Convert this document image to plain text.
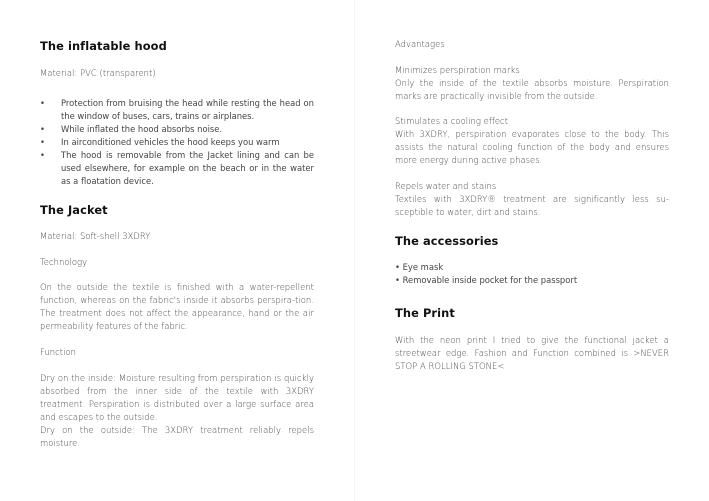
The inflatable hood

Material: PVC (transparent)

• Protection from bruising the head while resting the head on the window of buses, cars, trains or airplanes.
• While inflated the hood absorbs noise.
• In airconditioned vehicles the hood keeps you warm
• The hood is removable from the Jacket lining and can be used elsewhere, for example on the beach or in the water as a floatation device.
The Jacket

Material: Soft-shell 3XDRY

Technology

On the outside the textile is finished with a water-repellent function, whereas on the fabric's inside it absorbs perspira-tion. The treatment does not affect the appearance, hand or the air permeability features of the fabric.

Function

Dry on the inside: Moisture resulting from perspiration is quickly absorbed from the inner side of the textile with 3XDRY treatment. Perspiration is distributed over a large surface area and escapes to the outside.

Dry on the outside: The 3XDRY treatment reliably repels moisture.

Advantages

Minimizes perspiration marks

Only the inside of the textile absorbs moisture. Perspiration marks are practically invisible from the outside.

Stimulates a cooling effect

With 3XDRY, perspiration evaporates close to the body. This assists the natural cooling function of the body and ensures more energy during active phases.

Repels water and stains

Textiles with 3XDRY® treatment are significantly less su-sceptible to water, dirt and stains.

The accessories
• Eye mask
• Removable inside pocket for the passport
The Print

With the neon print I tried to give the functional jacket a streetwear edge. Fashion and Function combined is >NEVER STOP A ROLLING STONE<
